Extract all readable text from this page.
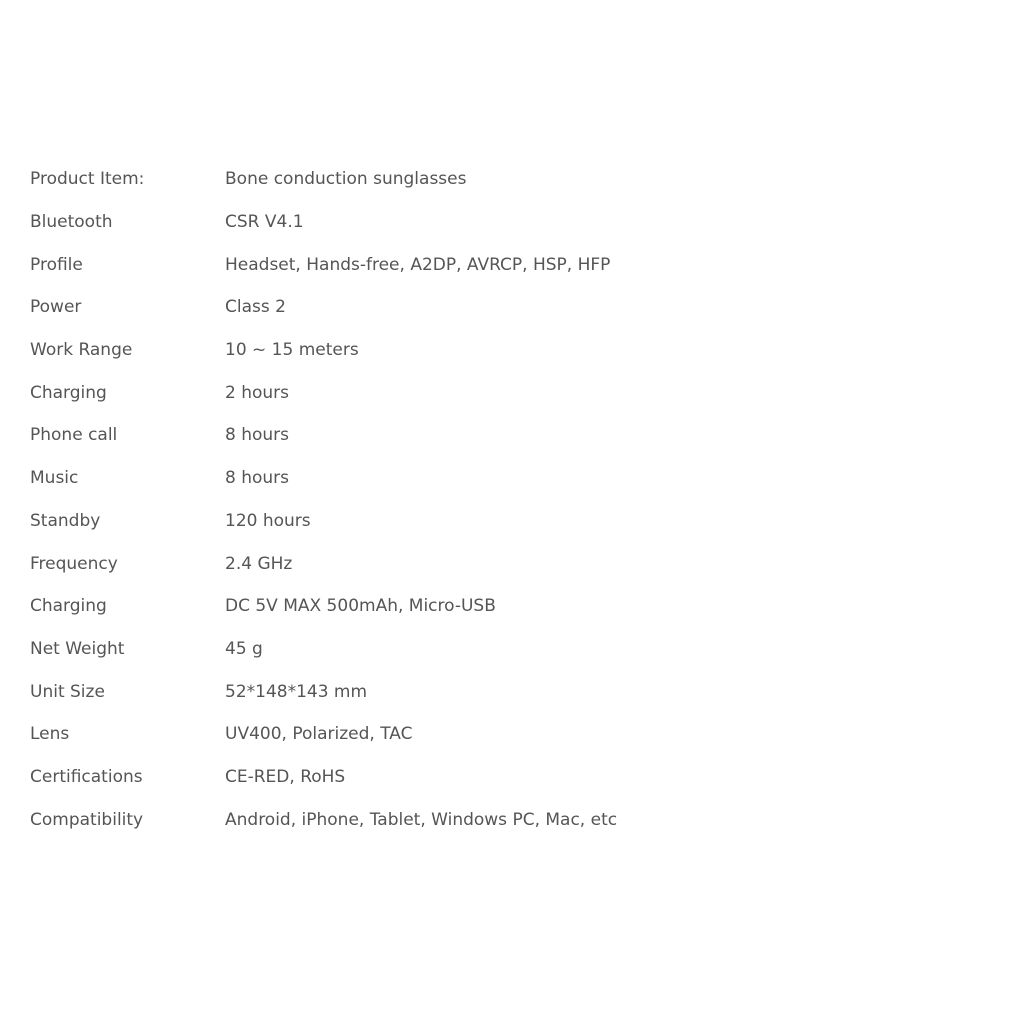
Product Item:	Bone conduction sunglasses
Bluetooth	CSR V4.1
Profile	Headset, Hands-free, A2DP, AVRCP, HSP, HFP
Power	Class 2
Work Range	10 ~ 15 meters
Charging	2 hours
Phone call	8 hours
Music	8 hours
Standby	120 hours
Frequency	2.4 GHz
Charging	DC 5V MAX 500mAh, Micro-USB
Net Weight	45 g
Unit Size	52*148*143 mm
Lens	UV400, Polarized, TAC
Certifications	CE-RED, RoHS
Compatibility	Android, iPhone, Tablet, Windows PC, Mac, etc
